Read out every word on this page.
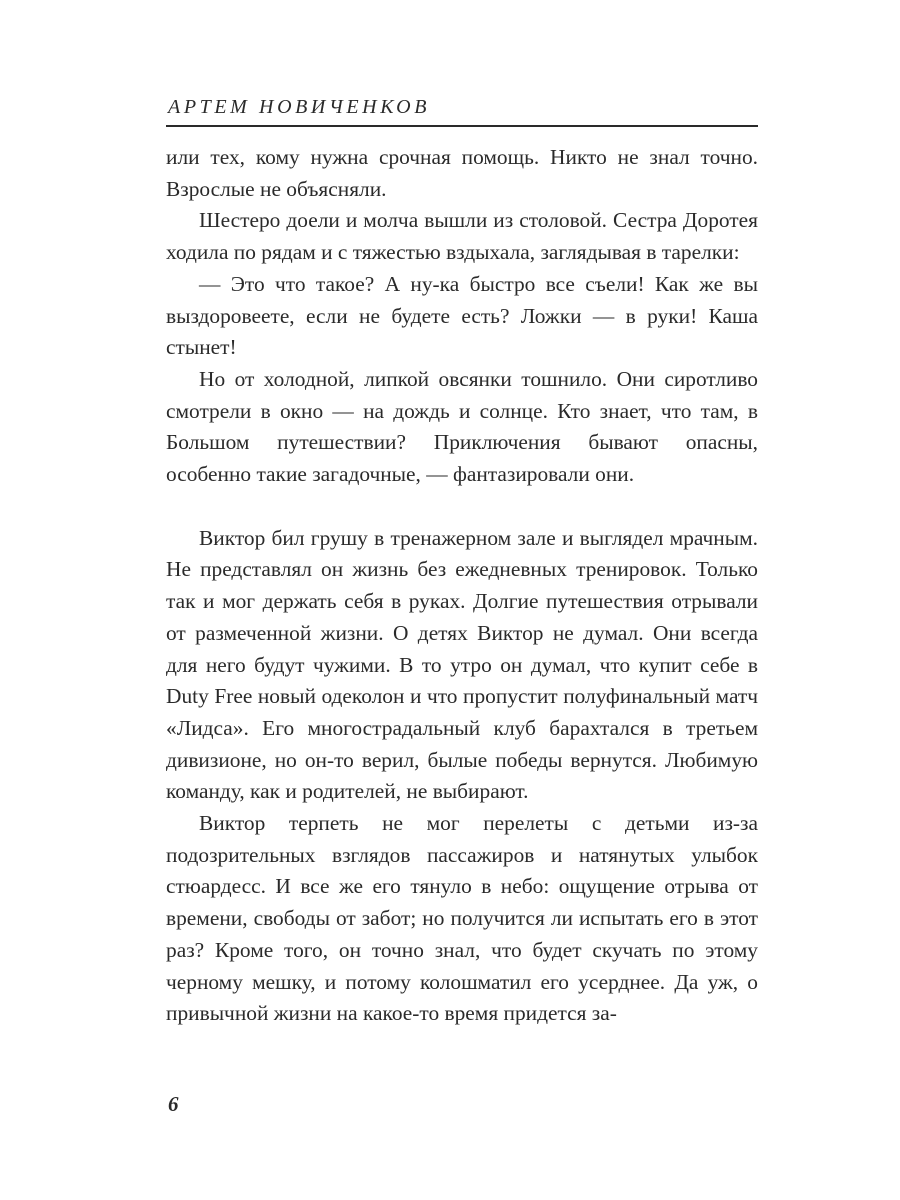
АРТЕМ НОВИЧЕНКОВ

или тех, кому нужна срочная помощь. Никто не знал точно. Взрослые не объясняли.

Шестеро доели и молча вышли из столовой. Сестра Доротея ходила по рядам и с тяжестью вздыхала, заглядывая в тарелки:

— Это что такое? А ну-ка быстро все съели! Как же вы выздоровеете, если не будете есть? Ложки — в руки! Каша стынет!

Но от холодной, липкой овсянки тошнило. Они сиротливо смотрели в окно — на дождь и солнце. Кто знает, что там, в Большом путешествии? Приключения бывают опасны, особенно такие загадочные, — фантазировали они.

Виктор бил грушу в тренажерном зале и выглядел мрачным. Не представлял он жизнь без ежедневных тренировок. Только так и мог держать себя в руках. Долгие путешествия отрывали от размеченной жизни. О детях Виктор не думал. Они всегда для него будут чужими. В то утро он думал, что купит себе в Duty Free новый одеколон и что пропустит полуфинальный матч «Лидса». Его многострадальный клуб барахтался в третьем дивизионе, но он-то верил, былые победы вернутся. Любимую команду, как и родителей, не выбирают.

Виктор терпеть не мог перелеты с детьми из-за подозрительных взглядов пассажиров и натянутых улыбок стюардесс. И все же его тянуло в небо: ощущение отрыва от времени, свободы от забот; но получится ли испытать его в этот раз? Кроме того, он точно знал, что будет скучать по этому черному мешку, и потому колошматил его усерднее. Да уж, о привычной жизни на какое-то время придется за-

6
